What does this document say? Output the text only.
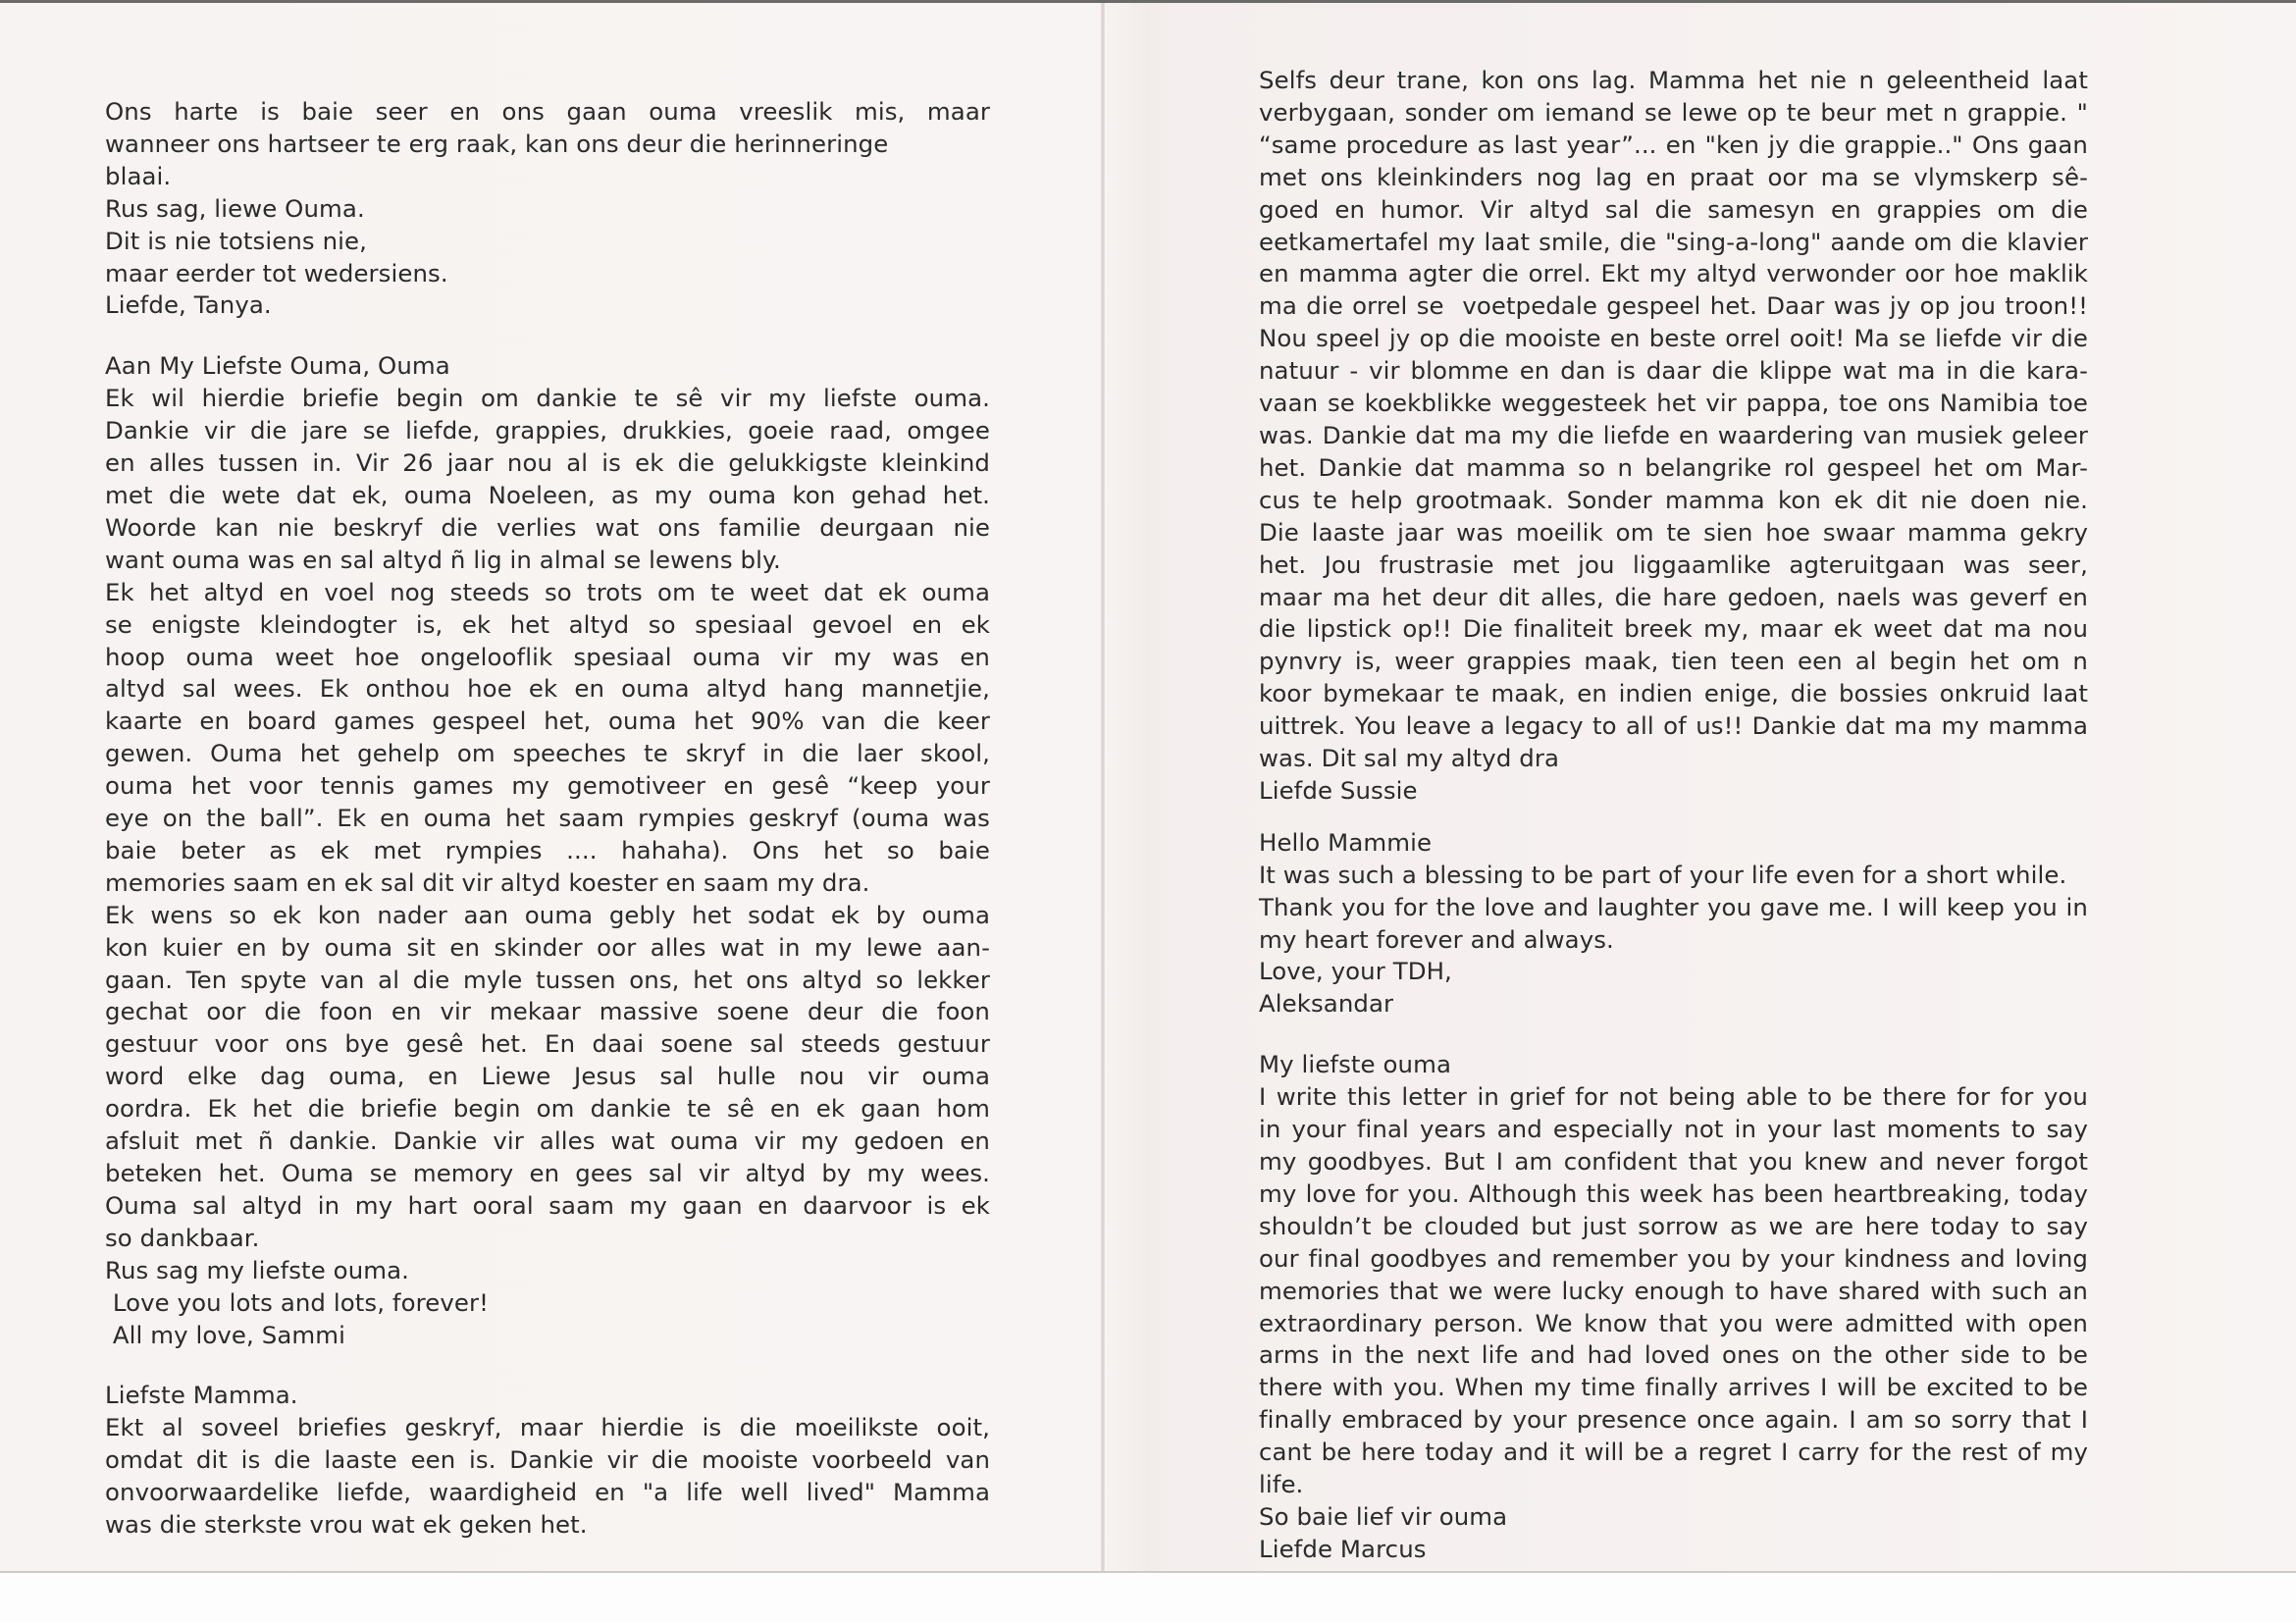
Ons harte is baie seer en ons gaan ouma vreeslik mis, maar
wanneer ons hartseer te erg raak, kan ons deur die herinneringe
blaai.
Rus sag, liewe Ouma.
Dit is nie totsiens nie,
maar eerder tot wedersiens.
Liefde, Tanya.
Aan My Liefste Ouma, Ouma
Ek wil hierdie briefie begin om dankie te sê vir my liefste ouma.
Dankie vir die jare se liefde, grappies, drukkies, goeie raad, omgee
en alles tussen in. Vir 26 jaar nou al is ek die gelukkigste kleinkind
met die wete dat ek, ouma Noeleen, as my ouma kon gehad het.
Woorde kan nie beskryf die verlies wat ons familie deurgaan nie
want ouma was en sal altyd ñ lig in almal se lewens bly.
Ek het altyd en voel nog steeds so trots om te weet dat ek ouma
se enigste kleindogter is, ek het altyd so spesiaal gevoel en ek
hoop ouma weet hoe ongelooflik spesiaal ouma vir my was en
altyd sal wees. Ek onthou hoe ek en ouma altyd hang mannetjie,
kaarte en board games gespeel het, ouma het 90% van die keer
gewen. Ouma het gehelp om speeches te skryf in die laer skool,
ouma het voor tennis games my gemotiveer en gesê “keep your
eye on the ball”. Ek en ouma het saam rympies geskryf (ouma was
baie beter as ek met rympies .... hahaha). Ons het so baie
memories saam en ek sal dit vir altyd koester en saam my dra.
Ek wens so ek kon nader aan ouma gebly het sodat ek by ouma
kon kuier en by ouma sit en skinder oor alles wat in my lewe aan-
gaan. Ten spyte van al die myle tussen ons, het ons altyd so lekker
gechat oor die foon en vir mekaar massive soene deur die foon
gestuur voor ons bye gesê het. En daai soene sal steeds gestuur
word elke dag ouma, en Liewe Jesus sal hulle nou vir ouma
oordra. Ek het die briefie begin om dankie te sê en ek gaan hom
afsluit met ñ dankie. Dankie vir alles wat ouma vir my gedoen en
beteken het. Ouma se memory en gees sal vir altyd by my wees.
Ouma sal altyd in my hart ooral saam my gaan en daarvoor is ek
so dankbaar.
Rus sag my liefste ouma.
Love you lots and lots, forever!
All my love, Sammi
Liefste Mamma.
Ekt al soveel briefies geskryf, maar hierdie is die moeilikste ooit,
omdat dit is die laaste een is. Dankie vir die mooiste voorbeeld van
onvoorwaardelike liefde, waardigheid en "a life well lived" Mamma
was die sterkste vrou wat ek geken het.
Selfs deur trane, kon ons lag. Mamma het nie n geleentheid laat
verbygaan, sonder om iemand se lewe op te beur met n grappie. "
“same procedure as last year”... en "ken jy die grappie.." Ons gaan
met ons kleinkinders nog lag en praat oor ma se vlymskerp sê-
goed en humor. Vir altyd sal die samesyn en grappies om die
eetkamertafel my laat smile, die "sing-a-long" aande om die klavier
en mamma agter die orrel. Ekt my altyd verwonder oor hoe maklik
ma die orrel se  voetpedale gespeel het. Daar was jy op jou troon!!
Nou speel jy op die mooiste en beste orrel ooit! Ma se liefde vir die
natuur - vir blomme en dan is daar die klippe wat ma in die kara-
vaan se koekblikke weggesteek het vir pappa, toe ons Namibia toe
was. Dankie dat ma my die liefde en waardering van musiek geleer
het. Dankie dat mamma so n belangrike rol gespeel het om Mar-
cus te help grootmaak. Sonder mamma kon ek dit nie doen nie.
Die laaste jaar was moeilik om te sien hoe swaar mamma gekry
het. Jou frustrasie met jou liggaamlike agteruitgaan was seer,
maar ma het deur dit alles, die hare gedoen, naels was geverf en
die lipstick op!! Die finaliteit breek my, maar ek weet dat ma nou
pynvry is, weer grappies maak, tien teen een al begin het om n
koor bymekaar te maak, en indien enige, die bossies onkruid laat
uittrek. You leave a legacy to all of us!! Dankie dat ma my mamma
was. Dit sal my altyd dra
Liefde Sussie
Hello Mammie
It was such a blessing to be part of your life even for a short while.
Thank you for the love and laughter you gave me. I will keep you in
my heart forever and always.
Love, your TDH,
Aleksandar
My liefste ouma
I write this letter in grief for not being able to be there for for you
in your final years and especially not in your last moments to say
my goodbyes. But I am confident that you knew and never forgot
my love for you. Although this week has been heartbreaking, today
shouldn’t be clouded but just sorrow as we are here today to say
our final goodbyes and remember you by your kindness and loving
memories that we were lucky enough to have shared with such an
extraordinary person. We know that you were admitted with open
arms in the next life and had loved ones on the other side to be
there with you. When my time finally arrives I will be excited to be
finally embraced by your presence once again. I am so sorry that I
cant be here today and it will be a regret I carry for the rest of my
life.
So baie lief vir ouma
Liefde Marcus
